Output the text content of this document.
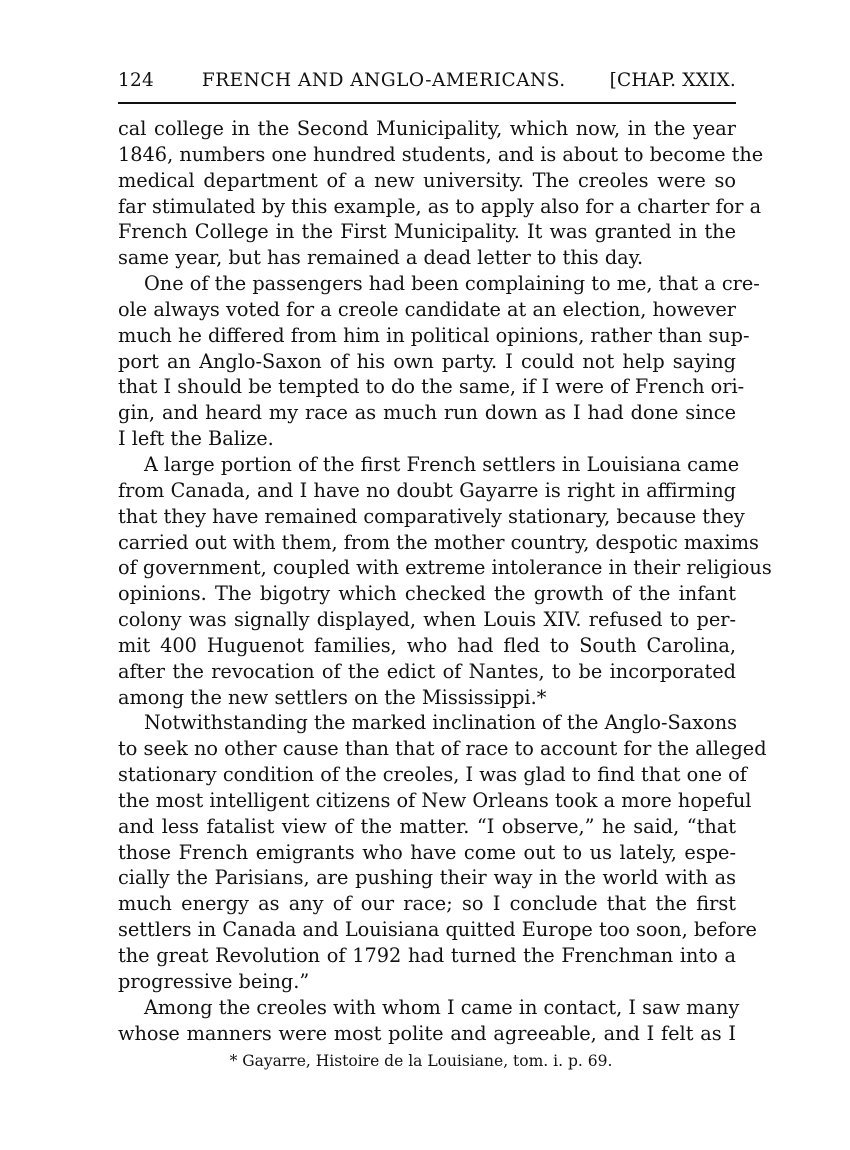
124	FRENCH AND ANGLO-AMERICANS.	[CHAP. XXIX.

cal college in the Second Municipality, which now, in the year
1846, numbers one hundred students, and is about to become the
medical department of a new university. The creoles were so
far stimulated by this example, as to apply also for a charter for a
French College in the First Municipality. It was granted in the
same year, but has remained a dead letter to this day.

One of the passengers had been complaining to me, that a cre-
ole always voted for a creole candidate at an election, however
much he differed from him in political opinions, rather than sup-
port an Anglo-Saxon of his own party. I could not help saying
that I should be tempted to do the same, if I were of French ori-
gin, and heard my race as much run down as I had done since
I left the Balize.

A large portion of the first French settlers in Louisiana came
from Canada, and I have no doubt Gayarre is right in affirming
that they have remained comparatively stationary, because they
carried out with them, from the mother country, despotic maxims
of government, coupled with extreme intolerance in their religious
opinions. The bigotry which checked the growth of the infant
colony was signally displayed, when Louis XIV. refused to per-
mit 400 Huguenot families, who had fled to South Carolina,
after the revocation of the edict of Nantes, to be incorporated
among the new settlers on the Mississippi.*

Notwithstanding the marked inclination of the Anglo-Saxons
to seek no other cause than that of race to account for the alleged
stationary condition of the creoles, I was glad to find that one of
the most intelligent citizens of New Orleans took a more hopeful
and less fatalist view of the matter. “I observe,” he said, “that
those French emigrants who have come out to us lately, espe-
cially the Parisians, are pushing their way in the world with as
much energy as any of our race; so I conclude that the first
settlers in Canada and Louisiana quitted Europe too soon, before
the great Revolution of 1792 had turned the Frenchman into a
progressive being.”

Among the creoles with whom I came in contact, I saw many
whose manners were most polite and agreeable, and I felt as I

* Gayarre, Histoire de la Louisiane, tom. i. p. 69.
